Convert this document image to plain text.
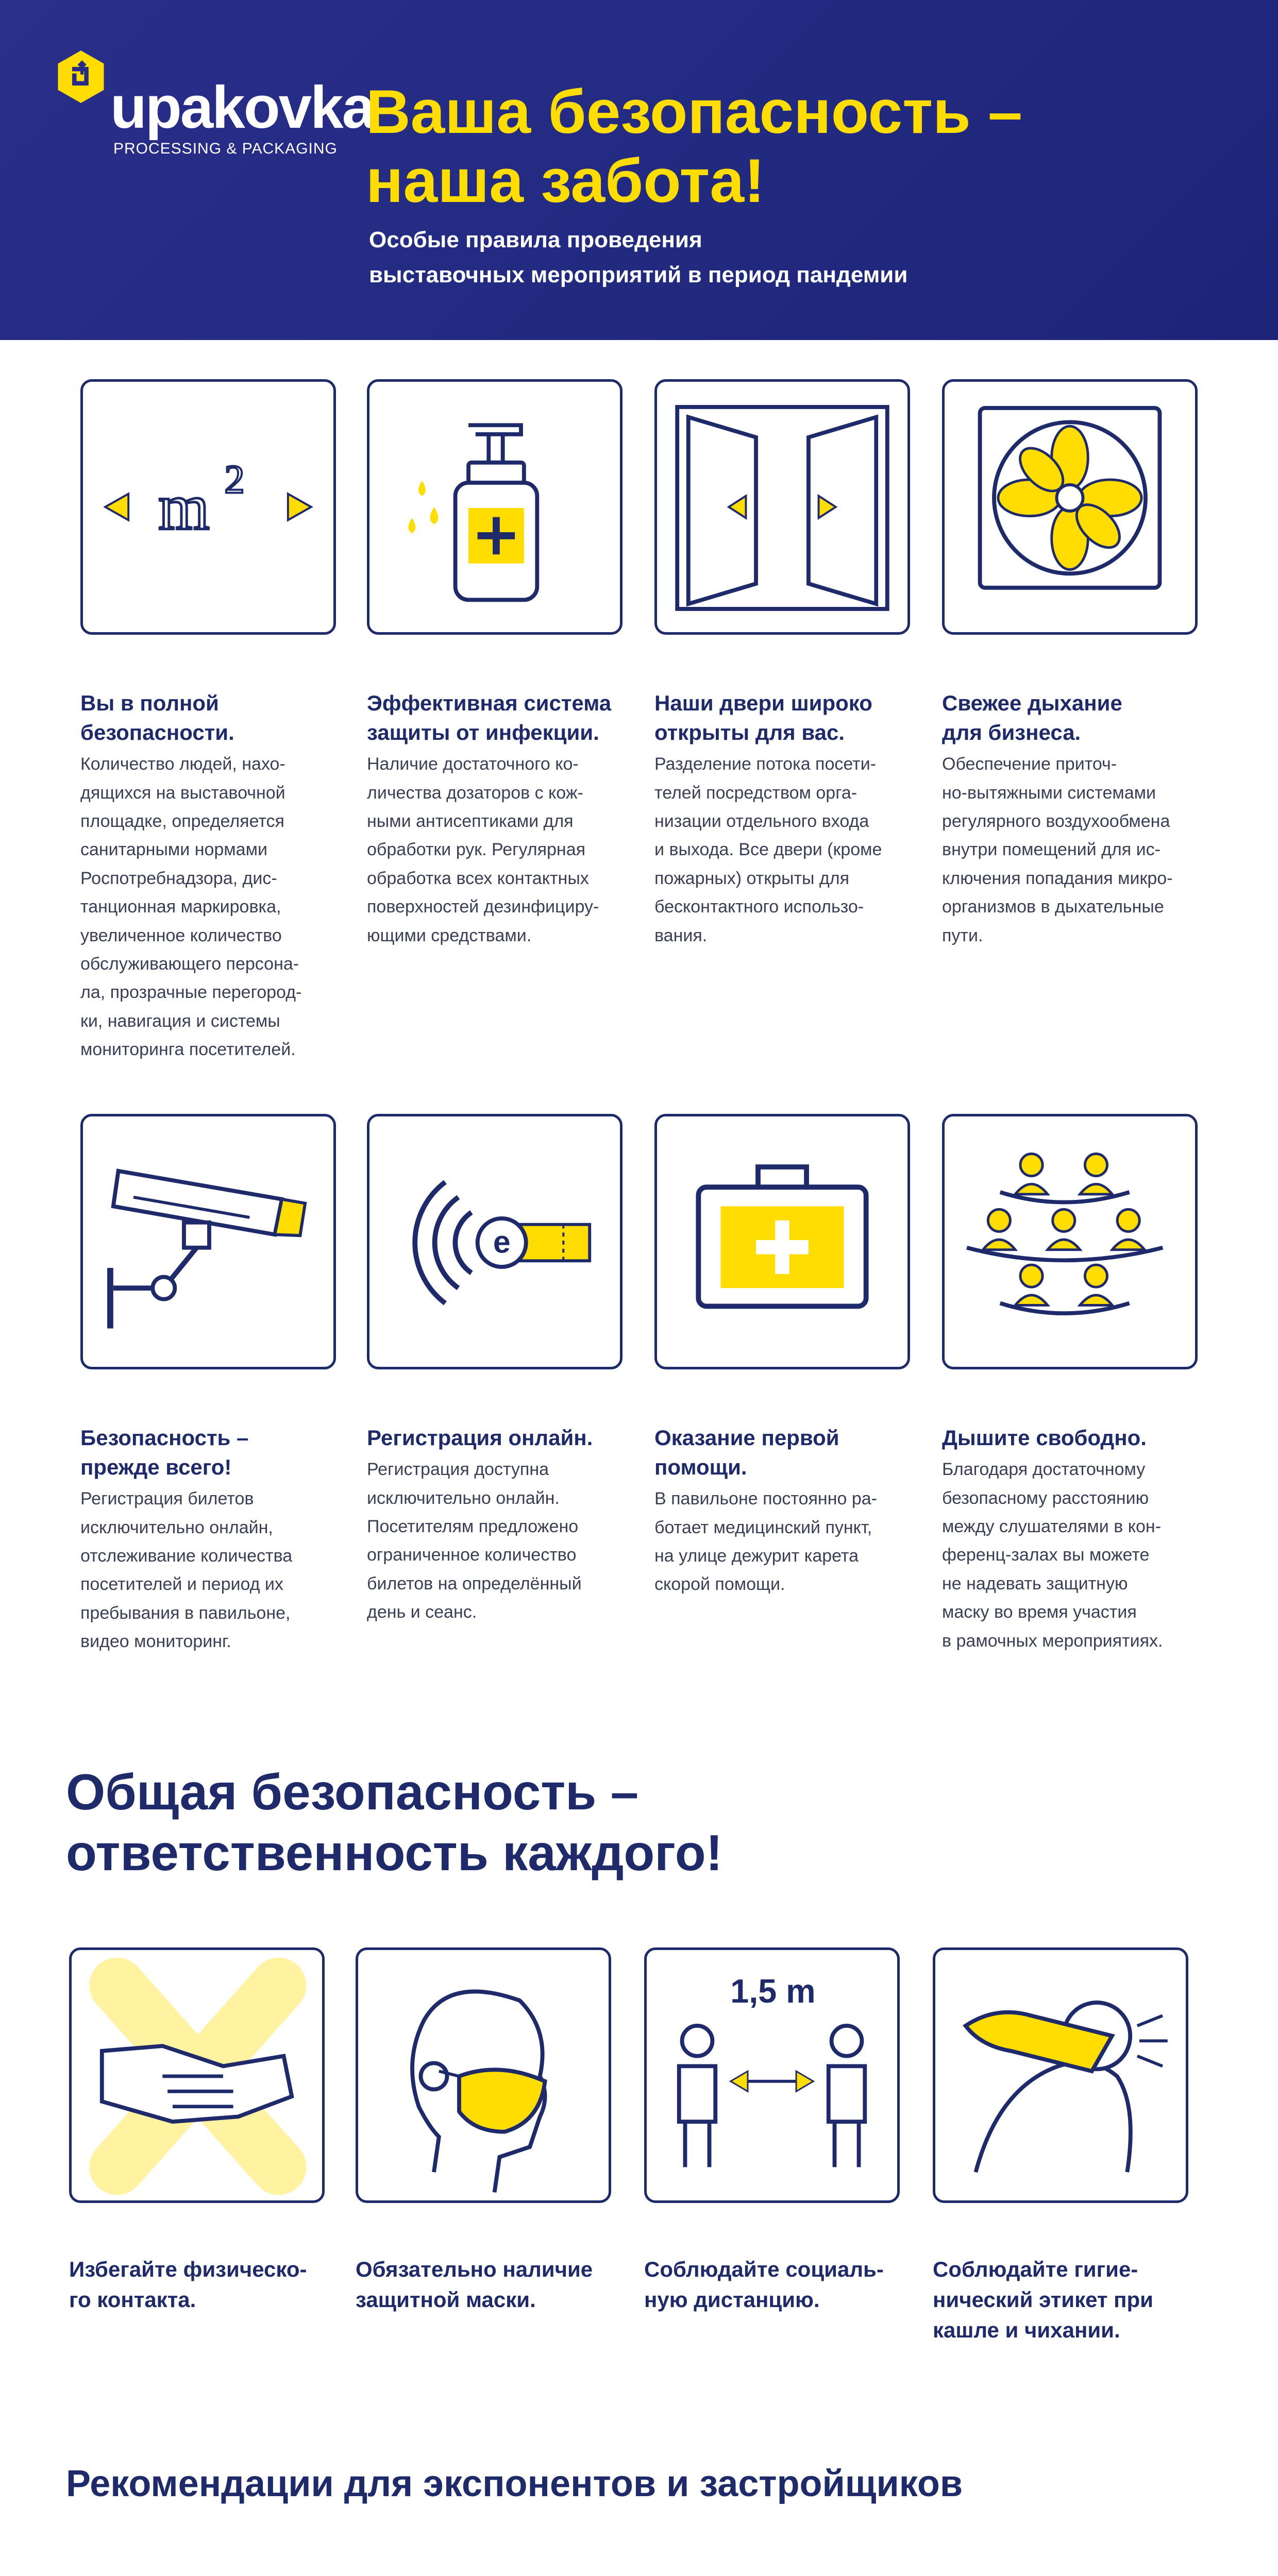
upakovka
PROCESSING & PACKAGING
Ваша безопасность –
наша забота!
Особые правила проведения
выставочных мероприятий в период пандемии
m 2
Вы в полной
безопасности.
Количество людей, нахо-
дящихся на выставочной
площадке, определяется
санитарными нормами
Роспотребнадзора, дис-
танционная маркировка,
увеличенное количество
обслуживающего персона-
ла, прозрачные перегород-
ки, навигация и системы
мониторинга посетителей.
Эффективная система
защиты от инфекции.
Наличие достаточного ко-
личества дозаторов с кож-
ными антисептиками для
обработки рук. Регулярная
обработка всех контактных
поверхностей дезинфициру-
ющими средствами.
Наши двери широко
открыты для вас.
Разделение потока посети-
телей посредством орга-
низации отдельного входа
и выхода. Все двери (кроме
пожарных) открыты для
бесконтактного использо-
вания.
Свежее дыхание
для бизнеса.
Обеспечение приточ-
но-вытяжными системами
регулярного воздухообмена
внутри помещений для ис-
ключения попадания микро-
организмов в дыхательные
пути.
Безопасность –
прежде всего!
Регистрация билетов
исключительно онлайн,
отслеживание количества
посетителей и период их
пребывания в павильоне,
видео мониторинг.
e
Регистрация онлайн.
Регистрация доступна
исключительно онлайн.
Посетителям предложено
ограниченное количество
билетов на определённый
день и сеанс.
Оказание первой
помощи.
В павильоне постоянно ра-
ботает медицинский пункт,
на улице дежурит карета
скорой помощи.
Дышите свободно.
Благодаря достаточному
безопасному расстоянию
между слушателями в кон-
ференц-залах вы можете
не надевать защитную
маску во время участия
в рамочных мероприятиях.
Общая безопасность –
ответственность каждого!
Избегайте физическо-
го контакта.
Обязательно наличие
защитной маски.
1,5 m
Соблюдайте социаль-
ную дистанцию.
Соблюдайте гигие-
нический этикет при
кашле и чихании.
Рекомендации для экспонентов и застройщиков
